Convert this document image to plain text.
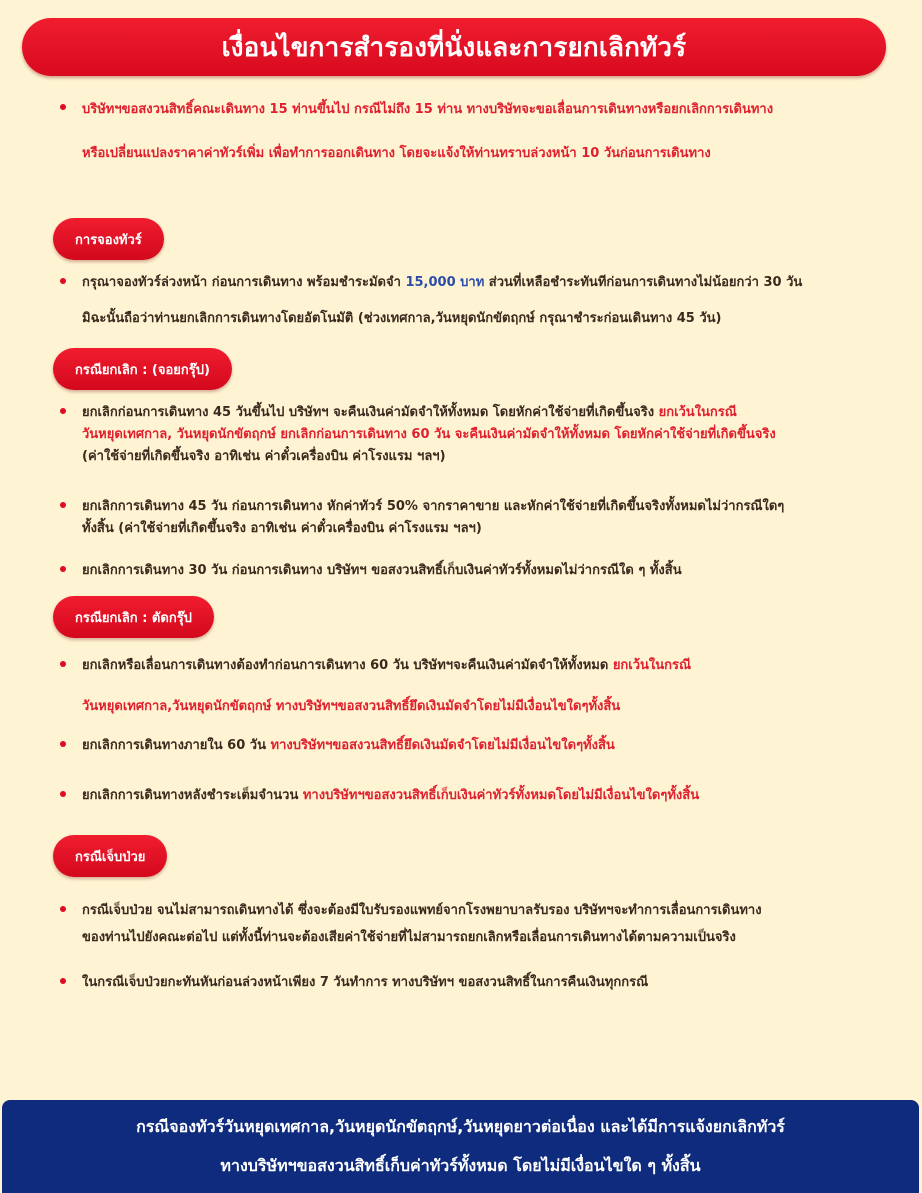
เงื่อนไขการสำรองที่นั่งและการยกเลิกทัวร์
บริษัทฯขอสงวนสิทธิ์คณะเดินทาง 15 ท่านขึ้นไป กรณีไม่ถึง 15 ท่าน ทางบริษัทจะขอเลื่อนการเดินทางหรือยกเลิกการเดินทาง
หรือเปลี่ยนแปลงราคาค่าทัวร์เพิ่ม เพื่อทำการออกเดินทาง โดยจะแจ้งให้ท่านทราบล่วงหน้า 10 วันก่อนการเดินทาง
การจองทัวร์
กรุณาจองทัวร์ล่วงหน้า ก่อนการเดินทาง พร้อมชำระมัดจำ 15,000 บาท ส่วนที่เหลือชำระทันทีก่อนการเดินทางไม่น้อยกว่า 30 วัน
มิฉะนั้นถือว่าท่านยกเลิกการเดินทางโดยอัตโนมัติ (ช่วงเทศกาล,วันหยุดนักขัตฤกษ์ กรุณาชำระก่อนเดินทาง 45 วัน)
กรณียกเลิก : (จอยกรุ๊ป)
ยกเลิกก่อนการเดินทาง 45 วันขึ้นไป บริษัทฯ จะคืนเงินค่ามัดจำให้ทั้งหมด โดยหักค่าใช้จ่ายที่เกิดขึ้นจริง ยกเว้นในกรณี
วันหยุดเทศกาล, วันหยุดนักขัตฤกษ์ ยกเลิกก่อนการเดินทาง 60 วัน จะคืนเงินค่ามัดจำให้ทั้งหมด โดยหักค่าใช้จ่ายที่เกิดขึ้นจริง
(ค่าใช้จ่ายที่เกิดขึ้นจริง อาทิเช่น ค่าตั๋วเครื่องบิน ค่าโรงแรม ฯลฯ)
ยกเลิกการเดินทาง 45 วัน ก่อนการเดินทาง หักค่าทัวร์ 50% จากราคาขาย และหักค่าใช้จ่ายที่เกิดขึ้นจริงทั้งหมดไม่ว่ากรณีใดๆ
ทั้งสิ้น (ค่าใช้จ่ายที่เกิดขึ้นจริง อาทิเช่น ค่าตั๋วเครื่องบิน ค่าโรงแรม ฯลฯ)
ยกเลิกการเดินทาง 30 วัน ก่อนการเดินทาง บริษัทฯ ขอสงวนสิทธิ์เก็บเงินค่าทัวร์ทั้งหมดไม่ว่ากรณีใด ๆ ทั้งสิ้น
กรณียกเลิก : ตัดกรุ๊ป
ยกเลิกหรือเลื่อนการเดินทางต้องทำก่อนการเดินทาง 60 วัน บริษัทฯจะคืนเงินค่ามัดจำให้ทั้งหมด ยกเว้นในกรณี
วันหยุดเทศกาล,วันหยุดนักขัตฤกษ์ ทางบริษัทฯขอสงวนสิทธิ์ยึดเงินมัดจำโดยไม่มีเงื่อนไขใดๆทั้งสิ้น
ยกเลิกการเดินทางภายใน 60 วัน ทางบริษัทฯขอสงวนสิทธิ์ยึดเงินมัดจำโดยไม่มีเงื่อนไขใดๆทั้งสิ้น
ยกเลิกการเดินทางหลังชำระเต็มจำนวน ทางบริษัทฯขอสงวนสิทธิ์เก็บเงินค่าทัวร์ทั้งหมดโดยไม่มีเงื่อนไขใดๆทั้งสิ้น
กรณีเจ็บป่วย
กรณีเจ็บป่วย จนไม่สามารถเดินทางได้ ซึ่งจะต้องมีใบรับรองแพทย์จากโรงพยาบาลรับรอง บริษัทฯจะทำการเลื่อนการเดินทาง
ของท่านไปยังคณะต่อไป แต่ทั้งนี้ท่านจะต้องเสียค่าใช้จ่ายที่ไม่สามารถยกเลิกหรือเลื่อนการเดินทางได้ตามความเป็นจริง
ในกรณีเจ็บป่วยกะทันหันก่อนล่วงหน้าเพียง 7 วันทำการ ทางบริษัทฯ ขอสงวนสิทธิ์ในการคืนเงินทุกกรณี
กรณีจองทัวร์วันหยุดเทศกาล,วันหยุดนักขัตฤกษ์,วันหยุดยาวต่อเนื่อง และได้มีการแจ้งยกเลิกทัวร์
ทางบริษัทฯขอสงวนสิทธิ์เก็บค่าทัวร์ทั้งหมด โดยไม่มีเงื่อนไขใด ๆ ทั้งสิ้น
